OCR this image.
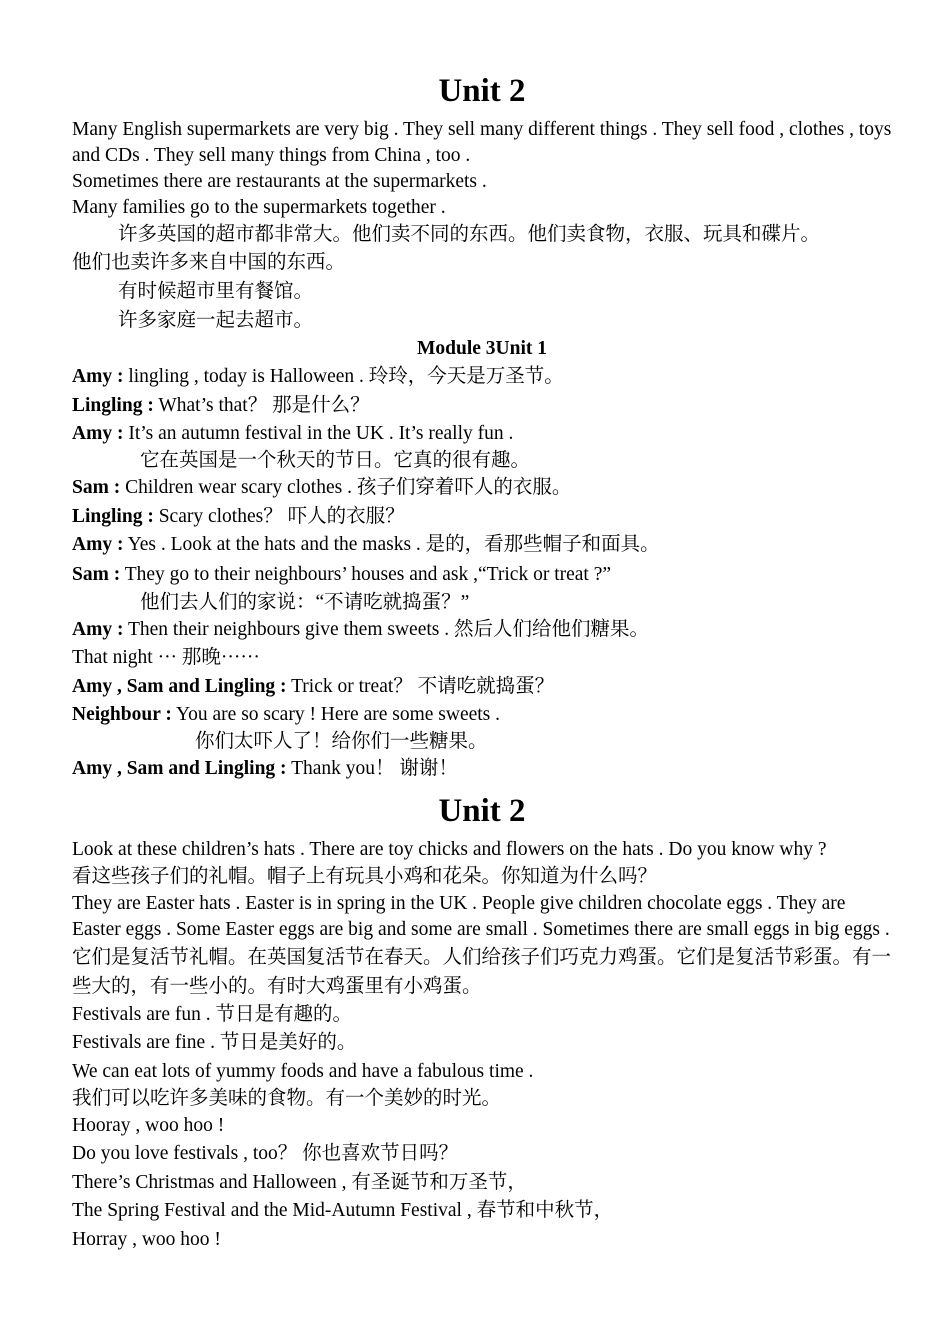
Unit 2
Many English supermarkets are very big . They sell many different things . They sell food , clothes , toys and CDs . They sell many things from China , too .
Sometimes there are restaurants at the supermarkets .
Many families go to the supermarkets together .
许多英国的超市都非常大。他们卖不同的东西。他们卖食物，衣服、玩具和碟片。
他们也卖许多来自中国的东西。
有时候超市里有餐馆。
许多家庭一起去超市。
Module 3Unit 1
Amy : lingling , today is Halloween . 玲玲，今天是万圣节。
Lingling : What’s that？ 那是什么？
Amy : It’s an autumn festival in the UK . It’s really fun .
它在英国是一个秋天的节日。它真的很有趣。
Sam : Children wear scary clothes . 孩子们穿着吓人的衣服。
Lingling : Scary clothes？ 吓人的衣服？
Amy : Yes . Look at the hats and the masks . 是的，看那些帽子和面具。
Sam : They go to their neighbours’ houses and ask ,“Trick or treat ?”
他们去人们的家说：“不请吃就捣蛋？”
Amy : Then their neighbours give them sweets . 然后人们给他们糖果。
That night ··· 那晚······
Amy , Sam and Lingling : Trick or treat？ 不请吃就捣蛋？
Neighbour : You are so scary ! Here are some sweets .
你们太吓人了！给你们一些糖果。
Amy , Sam and Lingling : Thank you！ 谢谢！
Unit 2
Look at these children’s hats . There are toy chicks and flowers on the hats . Do you know why ?
看这些孩子们的礼帽。帽子上有玩具小鸡和花朵。你知道为什么吗？
They are Easter hats . Easter is in spring in the UK . People give children chocolate eggs . They are Easter eggs . Some Easter eggs are big and some are small . Sometimes there are small eggs in big eggs .
它们是复活节礼帽。在英国复活节在春天。人们给孩子们巧克力鸡蛋。它们是复活节彩蛋。有一些大的，有一些小的。有时大鸡蛋里有小鸡蛋。
Festivals are fun . 节日是有趣的。
Festivals are fine . 节日是美好的。
We can eat lots of yummy foods and have a fabulous time .
我们可以吃许多美味的食物。有一个美妙的时光。
Hooray , woo hoo !
Do you love festivals , too？ 你也喜欢节日吗？
There’s Christmas and Halloween , 有圣诞节和万圣节，
The Spring Festival and the Mid-Autumn Festival , 春节和中秋节，
Horray , woo hoo !
